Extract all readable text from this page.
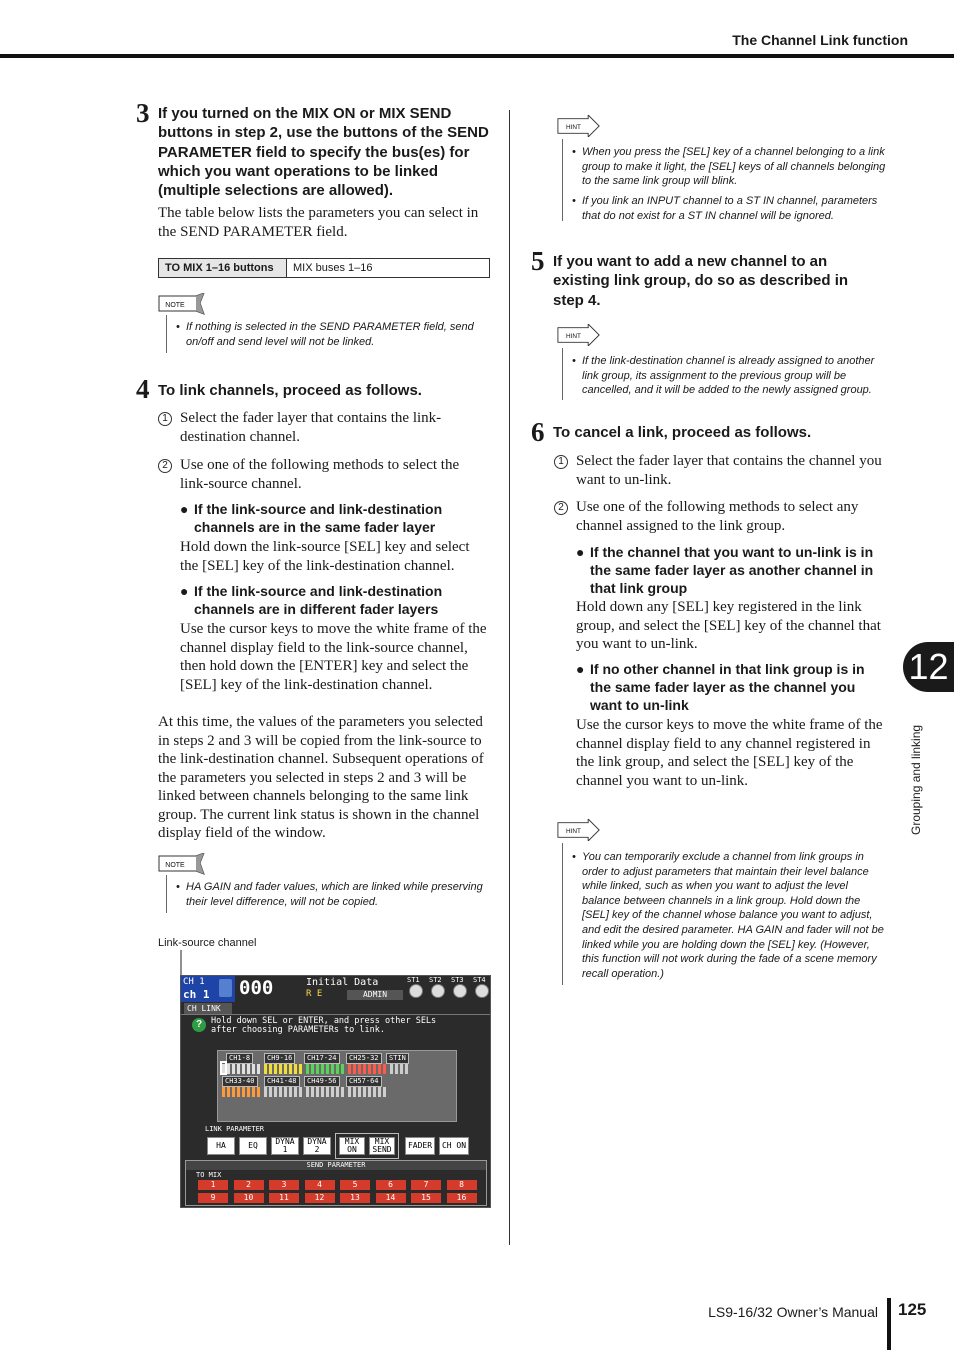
The Channel Link function
12
Grouping and linking
3 If you turned on the MIX ON or MIX SEND buttons in step 2, use the buttons of the SEND PARAMETER field to specify the bus(es) for which you want operations to be linked (multiple selections are allowed).
The table below lists the parameters you can select in the SEND PARAMETER field.
TO MIX 1–16 buttons	MIX buses 1–16
NOTE
• If nothing is selected in the SEND PARAMETER field, send on/off and send level will not be linked.
4 To link channels, proceed as follows.
1 Select the fader layer that contains the link-destination channel.
2 Use one of the following methods to select the link-source channel.
● If the link-source and link-destination channels are in the same fader layer
Hold down the link-source [SEL] key and select the [SEL] key of the link-destination channel.
● If the link-source and link-destination channels are in different fader layers
Use the cursor keys to move the white frame of the channel display field to the link-source channel, then hold down the [ENTER] key and select the [SEL] key of the link-destination channel.
At this time, the values of the parameters you selected in steps 2 and 3 will be copied from the link-source to the link-destination channel. Subsequent operations of the parameters you selected in steps 2 and 3 will be linked between channels belonging to the same link group. The current link status is shown in the channel display field of the window.
NOTE
• HA GAIN and fader values, which are linked while preserving their level difference, will not be copied.
Link-source channel
CH 1
ch 1 000	Initial Data
R E	ADMIN
ST1 ST2 ST3 ST4
CH LINK
?	Hold down SEL or ENTER, and press other SELs
after choosing PARAMETERs to link.
CH1-8	CH9-16	CH17-24	CH25-32	STIN
CH33-40	CH41-48	CH49-56	CH57-64
LINK PARAMETER
HA	EQ	DYNA 1
DYNA 2
MIX ON
MIX SEND	FADER	CH ON
SEND PARAMETER
TO MIX
1	2	3	4	5	6	7	8
9	10	11	12	13	14	15	16
HINT
• When you press the [SEL] key of a channel belonging to a link group to make it light, the [SEL] keys of all channels belonging to the same link group will blink.
• If you link an INPUT channel to a ST IN channel, parameters that do not exist for a ST IN channel will be ignored.
5 If you want to add a new channel to an existing link group, do so as described in step 4.
HINT
• If the link-destination channel is already assigned to another link group, its assignment to the previous group will be cancelled, and it will be added to the newly assigned group.
6 To cancel a link, proceed as follows.
1 Select the fader layer that contains the channel you want to un-link.
2 Use one of the following methods to select any channel assigned to the link group.
● If the channel that you want to un-link is in the same fader layer as another channel in that link group
Hold down any [SEL] key registered in the link group, and select the [SEL] key of the channel that you want to un-link.
● If no other channel in that link group is in the same fader layer as the channel you want to un-link
Use the cursor keys to move the white frame of the channel display field to any channel registered in the link group, and select the [SEL] key of the channel you want to un-link.
HINT
• You can temporarily exclude a channel from link groups in order to adjust parameters that maintain their level balance while linked, such as when you want to adjust the level balance between channels in a link group. Hold down the [SEL] key of the channel whose balance you want to adjust, and edit the desired parameter. HA GAIN and fader will not be linked while you are holding down the [SEL] key. (However, this function will not work during the fade of a scene memory recall operation.)
LS9-16/32 Owner’s Manual 125
